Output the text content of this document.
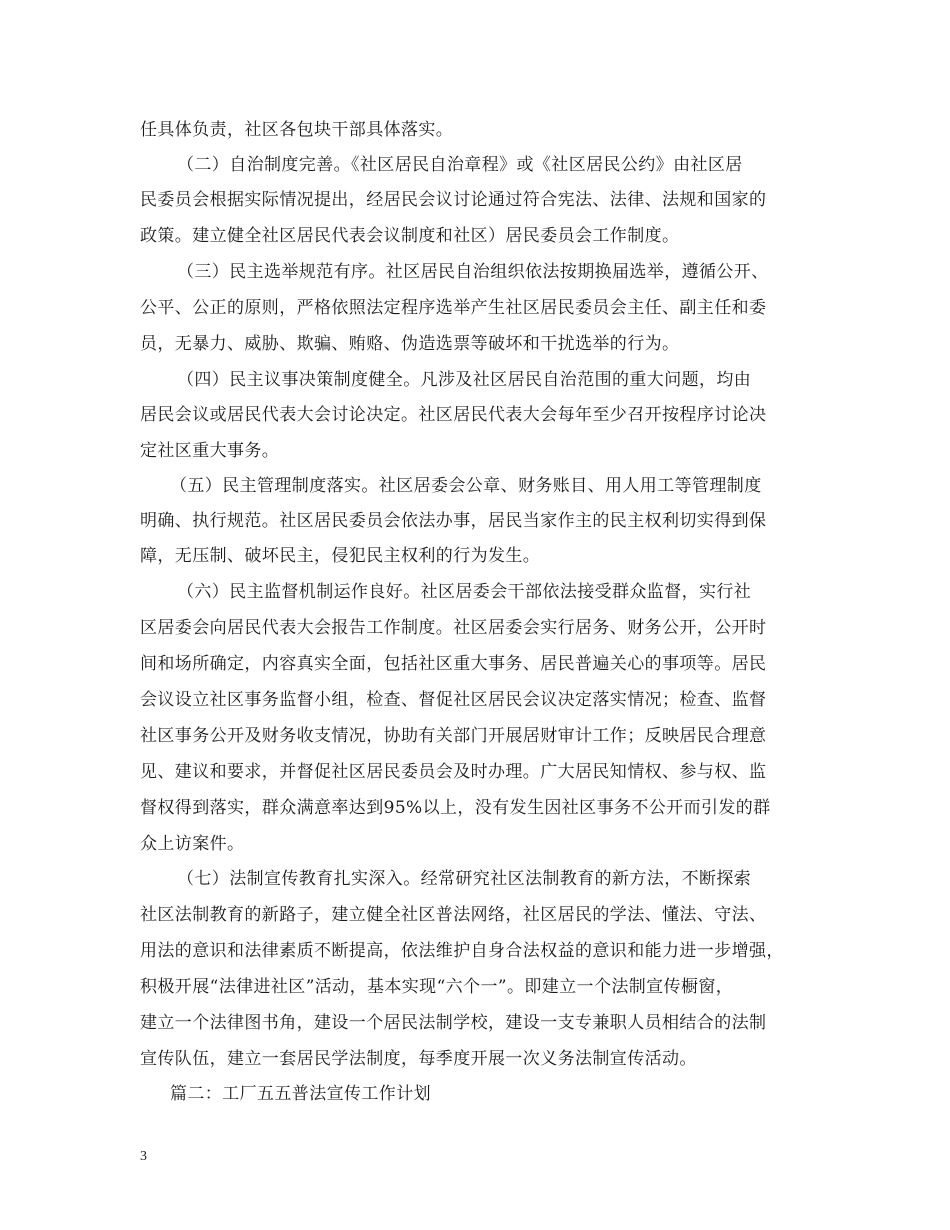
任具体负责，社区各包块干部具体落实。
（二）自治制度完善。《社区居民自治章程》或《社区居民公约》由社区居
民委员会根据实际情况提出，经居民会议讨论通过符合宪法、法律、法规和国家的
政策。建立健全社区居民代表会议制度和社区）居民委员会工作制度。
（三）民主选举规范有序。社区居民自治组织依法按期换届选举，遵循公开、
公平、公正的原则，严格依照法定程序选举产生社区居民委员会主任、副主任和委
员，无暴力、威胁、欺骗、贿赂、伪造选票等破坏和干扰选举的行为。
（四）民主议事决策制度健全。凡涉及社区居民自治范围的重大问题，均由
居民会议或居民代表大会讨论决定。社区居民代表大会每年至少召开按程序讨论决
定社区重大事务。
（五）民主管理制度落实。社区居委会公章、财务账目、用人用工等管理制度
明确、执行规范。社区居民委员会依法办事，居民当家作主的民主权利切实得到保
障，无压制、破坏民主，侵犯民主权利的行为发生。
（六）民主监督机制运作良好。社区居委会干部依法接受群众监督，实行社
区居委会向居民代表大会报告工作制度。社区居委会实行居务、财务公开，公开时
间和场所确定，内容真实全面，包括社区重大事务、居民普遍关心的事项等。居民
会议设立社区事务监督小组，检查、督促社区居民会议决定落实情况；检查、监督
社区事务公开及财务收支情况，协助有关部门开展居财审计工作；反映居民合理意
见、建议和要求，并督促社区居民委员会及时办理。广大居民知情权、参与权、监
督权得到落实，群众满意率达到95%以上，没有发生因社区事务不公开而引发的群
众上访案件。
（七）法制宣传教育扎实深入。经常研究社区法制教育的新方法，不断探索
社区法制教育的新路子，建立健全社区普法网络，社区居民的学法、懂法、守法、
用法的意识和法律素质不断提高，依法维护自身合法权益的意识和能力进一步增强，
积极开展“法律进社区”活动，基本实现“六个一”。即建立一个法制宣传橱窗，
建立一个法律图书角，建设一个居民法制学校，建设一支专兼职人员相结合的法制
宣传队伍，建立一套居民学法制度，每季度开展一次义务法制宣传活动。
篇二：工厂五五普法宣传工作计划
3
